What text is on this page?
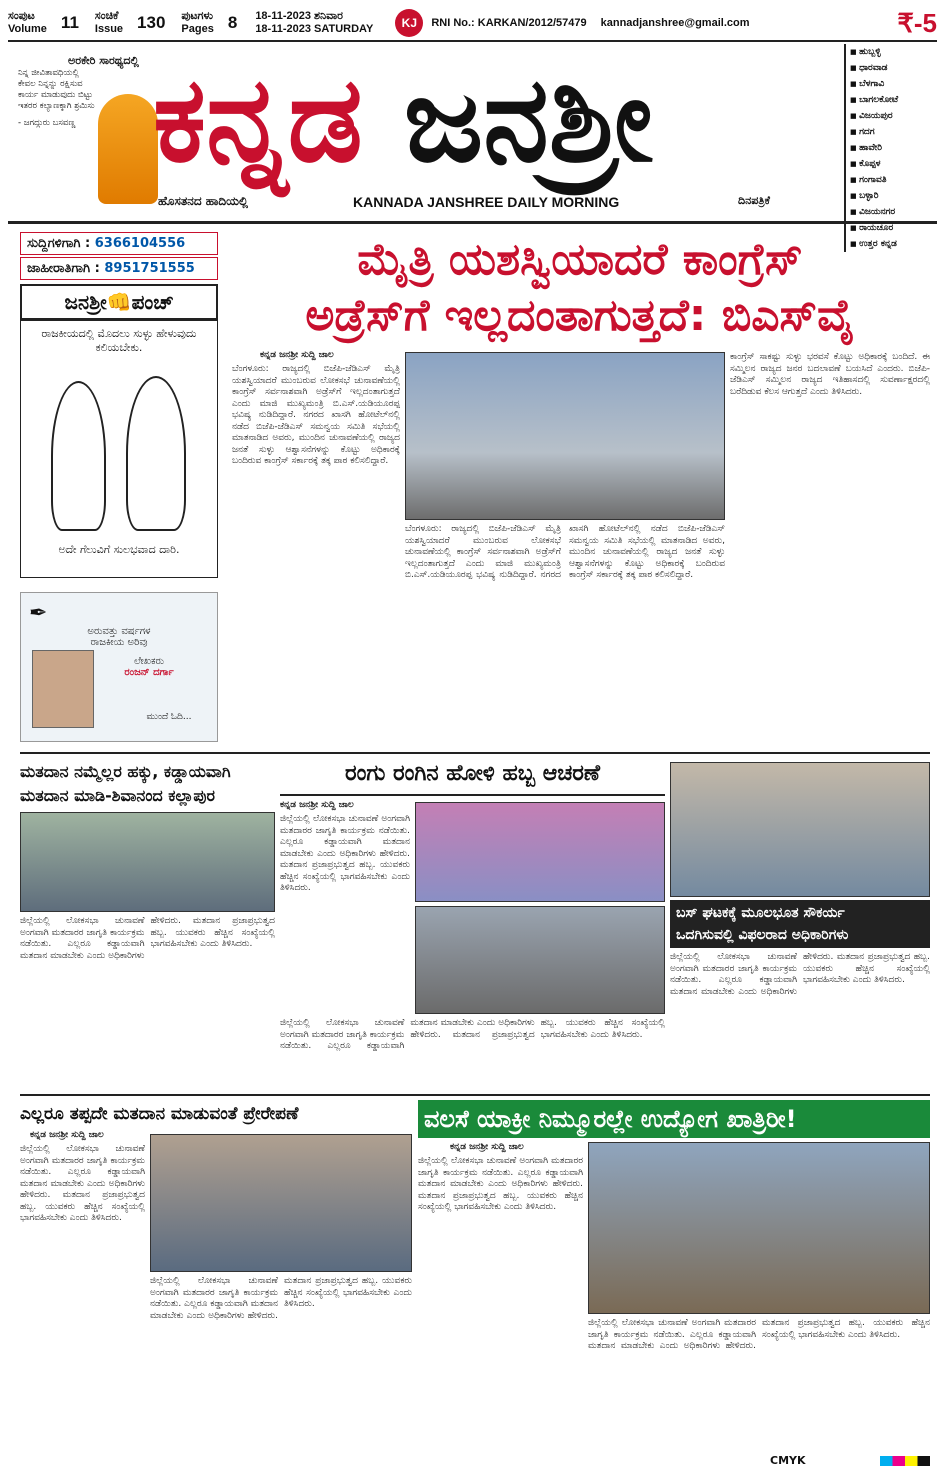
ಸಂಪುಟ
Volume 11 ಸಂಚಿಕೆ
Issue 130 ಪುಟಗಳು
Pages 8 18-11-2023 ಶನಿವಾರ
18-11-2023 SATURDAY	KJ	RNI No.: KARKAN/2012/57479 kannadjanshree@gmail.com	₹-5
ಅರಕೇರಿ ಸಾರಥ್ಯದಲ್ಲಿ
ನಿನ್ನ ಜೀವಿತಾವಧಿಯಲ್ಲಿ ಕೇವಲ ನಿನ್ನನ್ನು ರಕ್ಷಿಸುವ ಕಾರ್ಯ ಮಾಡುವುದು ಬಿಟ್ಟು ಇತರರ ಕಲ್ಯಾಣಕ್ಕಾಗಿ ಶ್ರಮಿಸು
- ಜಗದ್ಗುರು ಬಸವಣ್ಣ ಕನ್ನಡ ಜನಶ್ರೀ
ಹೊಸತನದ ಹಾದಿಯಲ್ಲಿ	KANNADA JANSHREE DAILY MORNING	ದಿನಪತ್ರಿಕೆ
■ ಹುಬ್ಬಳ್ಳಿ
■ ಧಾರವಾಡ
■ ಬೆಳಗಾವಿ
■ ಬಾಗಲಕೋಟೆ
■ ವಿಜಯಪುರ
■ ಗದಗ
■ ಹಾವೇರಿ
■ ಕೊಪ್ಪಳ
■ ಗಂಗಾವತಿ
■ ಬಳ್ಳಾರಿ
■ ವಿಜಯನಗರ
■ ರಾಯಚೂರ
■ ಉತ್ತರ ಕನ್ನಡ
ಸುದ್ದಿಗಳಿಗಾಗಿ : 6366104556
ಜಾಹೀರಾತಿಗಾಗಿ : 8951751555
ಜನಶ್ರೀ👊ಪಂಚ್
ರಾಜಕೀಯದಲ್ಲಿ ಮೊದಲು ಸುಳ್ಳು ಹೇಳುವುದು ಕಲಿಯಬೇಕು.
ಅದೇ ಗೆಲುವಿಗೆ ಸುಲಭವಾದ ದಾರಿ.
✒
ಅರುವತ್ತು ವರ್ಷಗಳ
ರಾಜಕೀಯ ಅರಿವು
ಲೇಖಕರು
ರಂಜನ್ ದರ್ಗಾ
ಮುಂದೆ ಓದಿ...
ಮೈತ್ರಿ ಯಶಸ್ವಿಯಾದರೆ ಕಾಂಗ್ರೆಸ್
ಅಡ್ರೆಸ್‌ಗೆ ಇಲ್ಲದಂತಾಗುತ್ತದೆ: ಬಿಎಸ್‌ವೈ
ಕನ್ನಡ ಜನಶ್ರೀ ಸುದ್ದಿ ಜಾಲ
ಬೆಂಗಳೂರು: ರಾಜ್ಯದಲ್ಲಿ ಬಿಜೆಪಿ-ಜೆಡಿಎಸ್ ಮೈತ್ರಿ ಯಶಸ್ವಿಯಾದರೆ ಮುಂಬರುವ ಲೋಕಸಭೆ ಚುನಾವಣೆಯಲ್ಲಿ ಕಾಂಗ್ರೆಸ್ ಸರ್ವನಾಶವಾಗಿ ಅಡ್ರೆಸ್‌ಗೆ ಇಲ್ಲದಂತಾಗುತ್ತದೆ ಎಂದು ಮಾಜಿ ಮುಖ್ಯಮಂತ್ರಿ ಬಿ.ಎಸ್.ಯಡಿಯೂರಪ್ಪ ಭವಿಷ್ಯ ನುಡಿದಿದ್ದಾರೆ. ನಗರದ ಖಾಸಗಿ ಹೋಟೆಲ್‌ನಲ್ಲಿ ನಡೆದ ಬಿಜೆಪಿ-ಜೆಡಿಎಸ್ ಸಮನ್ವಯ ಸಮಿತಿ ಸಭೆಯಲ್ಲಿ ಮಾತನಾಡಿದ ಅವರು, ಮುಂದಿನ ಚುನಾವಣೆಯಲ್ಲಿ ರಾಜ್ಯದ ಜನತೆ ಸುಳ್ಳು ಆಶ್ವಾಸನೆಗಳನ್ನು ಕೊಟ್ಟು ಅಧಿಕಾರಕ್ಕೆ ಬಂದಿರುವ ಕಾಂಗ್ರೆಸ್ ಸರ್ಕಾರಕ್ಕೆ ತಕ್ಕ ಪಾಠ ಕಲಿಸಲಿದ್ದಾರೆ.
ಬೆಂಗಳೂರು: ರಾಜ್ಯದಲ್ಲಿ ಬಿಜೆಪಿ-ಜೆಡಿಎಸ್ ಮೈತ್ರಿ ಯಶಸ್ವಿಯಾದರೆ ಮುಂಬರುವ ಲೋಕಸಭೆ ಚುನಾವಣೆಯಲ್ಲಿ ಕಾಂಗ್ರೆಸ್ ಸರ್ವನಾಶವಾಗಿ ಅಡ್ರೆಸ್‌ಗೆ ಇಲ್ಲದಂತಾಗುತ್ತದೆ ಎಂದು ಮಾಜಿ ಮುಖ್ಯಮಂತ್ರಿ ಬಿ.ಎಸ್.ಯಡಿಯೂರಪ್ಪ ಭವಿಷ್ಯ ನುಡಿದಿದ್ದಾರೆ. ನಗರದ ಖಾಸಗಿ ಹೋಟೆಲ್‌ನಲ್ಲಿ ನಡೆದ ಬಿಜೆಪಿ-ಜೆಡಿಎಸ್ ಸಮನ್ವಯ ಸಮಿತಿ ಸಭೆಯಲ್ಲಿ ಮಾತನಾಡಿದ ಅವರು, ಮುಂದಿನ ಚುನಾವಣೆಯಲ್ಲಿ ರಾಜ್ಯದ ಜನತೆ ಸುಳ್ಳು ಆಶ್ವಾಸನೆಗಳನ್ನು ಕೊಟ್ಟು ಅಧಿಕಾರಕ್ಕೆ ಬಂದಿರುವ ಕಾಂಗ್ರೆಸ್ ಸರ್ಕಾರಕ್ಕೆ ತಕ್ಕ ಪಾಠ ಕಲಿಸಲಿದ್ದಾರೆ.
ಕಾಂಗ್ರೆಸ್ ಸಾಕಷ್ಟು ಸುಳ್ಳು ಭರವಸೆ ಕೊಟ್ಟು ಅಧಿಕಾರಕ್ಕೆ ಬಂದಿದೆ. ಈ ಸಮ್ಮಿಲನ ರಾಜ್ಯದ ಜನರ ಬದಲಾವಣೆ ಬಯಸಿದೆ ಎಂದರು. ಬಿಜೆಪಿ-ಜೆಡಿಎಸ್ ಸಮ್ಮಿಲನ ರಾಜ್ಯದ ಇತಿಹಾಸದಲ್ಲಿ ಸುವರ್ಣಾಕ್ಷರದಲ್ಲಿ ಬರೆದಿಡುವ ಕೆಲಸ ಆಗುತ್ತದೆ ಎಂದು ತಿಳಿಸಿದರು.
ಮತದಾನ ನಮ್ಮೆಲ್ಲರ ಹಕ್ಕು, ಕಡ್ಡಾಯವಾಗಿ
ಮತದಾನ ಮಾಡಿ-ಶಿವಾನಂದ ಕಲ್ಲಾಪುರ
ಜಿಲ್ಲೆಯಲ್ಲಿ ಲೋಕಸಭಾ ಚುನಾವಣೆ ಅಂಗವಾಗಿ ಮತದಾರರ ಜಾಗೃತಿ ಕಾರ್ಯಕ್ರಮ ನಡೆಯಿತು. ಎಲ್ಲರೂ ಕಡ್ಡಾಯವಾಗಿ ಮತದಾನ ಮಾಡಬೇಕು ಎಂದು ಅಧಿಕಾರಿಗಳು ಹೇಳಿದರು. ಮತದಾನ ಪ್ರಜಾಪ್ರಭುತ್ವದ ಹಬ್ಬ. ಯುವಕರು ಹೆಚ್ಚಿನ ಸಂಖ್ಯೆಯಲ್ಲಿ ಭಾಗವಹಿಸಬೇಕು ಎಂದು ತಿಳಿಸಿದರು.
ರಂಗು ರಂಗಿನ ಹೋಳಿ ಹಬ್ಬ ಆಚರಣೆ
ಕನ್ನಡ ಜನಶ್ರೀ ಸುದ್ದಿ ಜಾಲ
ಜಿಲ್ಲೆಯಲ್ಲಿ ಲೋಕಸಭಾ ಚುನಾವಣೆ ಅಂಗವಾಗಿ ಮತದಾರರ ಜಾಗೃತಿ ಕಾರ್ಯಕ್ರಮ ನಡೆಯಿತು. ಎಲ್ಲರೂ ಕಡ್ಡಾಯವಾಗಿ ಮತದಾನ ಮಾಡಬೇಕು ಎಂದು ಅಧಿಕಾರಿಗಳು ಹೇಳಿದರು. ಮತದಾನ ಪ್ರಜಾಪ್ರಭುತ್ವದ ಹಬ್ಬ. ಯುವಕರು ಹೆಚ್ಚಿನ ಸಂಖ್ಯೆಯಲ್ಲಿ ಭಾಗವಹಿಸಬೇಕು ಎಂದು ತಿಳಿಸಿದರು.
ಜಿಲ್ಲೆಯಲ್ಲಿ ಲೋಕಸಭಾ ಚುನಾವಣೆ ಅಂಗವಾಗಿ ಮತದಾರರ ಜಾಗೃತಿ ಕಾರ್ಯಕ್ರಮ ನಡೆಯಿತು. ಎಲ್ಲರೂ ಕಡ್ಡಾಯವಾಗಿ ಮತದಾನ ಮಾಡಬೇಕು ಎಂದು ಅಧಿಕಾರಿಗಳು ಹೇಳಿದರು. ಮತದಾನ ಪ್ರಜಾಪ್ರಭುತ್ವದ ಹಬ್ಬ. ಯುವಕರು ಹೆಚ್ಚಿನ ಸಂಖ್ಯೆಯಲ್ಲಿ ಭಾಗವಹಿಸಬೇಕು ಎಂದು ತಿಳಿಸಿದರು.
ಬಸ್ ಘಟಕಕ್ಕೆ ಮೂಲಭೂತ ಸೌಕರ್ಯ
ಒದಗಿಸುವಲ್ಲಿ ವಿಫಲರಾದ ಅಧಿಕಾರಿಗಳು
ಜಿಲ್ಲೆಯಲ್ಲಿ ಲೋಕಸಭಾ ಚುನಾವಣೆ ಅಂಗವಾಗಿ ಮತದಾರರ ಜಾಗೃತಿ ಕಾರ್ಯಕ್ರಮ ನಡೆಯಿತು. ಎಲ್ಲರೂ ಕಡ್ಡಾಯವಾಗಿ ಮತದಾನ ಮಾಡಬೇಕು ಎಂದು ಅಧಿಕಾರಿಗಳು ಹೇಳಿದರು. ಮತದಾನ ಪ್ರಜಾಪ್ರಭುತ್ವದ ಹಬ್ಬ. ಯುವಕರು ಹೆಚ್ಚಿನ ಸಂಖ್ಯೆಯಲ್ಲಿ ಭಾಗವಹಿಸಬೇಕು ಎಂದು ತಿಳಿಸಿದರು.
ಎಲ್ಲರೂ ತಪ್ಪದೇ ಮತದಾನ ಮಾಡುವಂತೆ ಪ್ರೇರೇಪಣೆ
ಕನ್ನಡ ಜನಶ್ರೀ ಸುದ್ದಿ ಜಾಲ
ಜಿಲ್ಲೆಯಲ್ಲಿ ಲೋಕಸಭಾ ಚುನಾವಣೆ ಅಂಗವಾಗಿ ಮತದಾರರ ಜಾಗೃತಿ ಕಾರ್ಯಕ್ರಮ ನಡೆಯಿತು. ಎಲ್ಲರೂ ಕಡ್ಡಾಯವಾಗಿ ಮತದಾನ ಮಾಡಬೇಕು ಎಂದು ಅಧಿಕಾರಿಗಳು ಹೇಳಿದರು. ಮತದಾನ ಪ್ರಜಾಪ್ರಭುತ್ವದ ಹಬ್ಬ. ಯುವಕರು ಹೆಚ್ಚಿನ ಸಂಖ್ಯೆಯಲ್ಲಿ ಭಾಗವಹಿಸಬೇಕು ಎಂದು ತಿಳಿಸಿದರು.
ಜಿಲ್ಲೆಯಲ್ಲಿ ಲೋಕಸಭಾ ಚುನಾವಣೆ ಅಂಗವಾಗಿ ಮತದಾರರ ಜಾಗೃತಿ ಕಾರ್ಯಕ್ರಮ ನಡೆಯಿತು. ಎಲ್ಲರೂ ಕಡ್ಡಾಯವಾಗಿ ಮತದಾನ ಮಾಡಬೇಕು ಎಂದು ಅಧಿಕಾರಿಗಳು ಹೇಳಿದರು. ಮತದಾನ ಪ್ರಜಾಪ್ರಭುತ್ವದ ಹಬ್ಬ. ಯುವಕರು ಹೆಚ್ಚಿನ ಸಂಖ್ಯೆಯಲ್ಲಿ ಭಾಗವಹಿಸಬೇಕು ಎಂದು ತಿಳಿಸಿದರು.
ವಲಸೆ ಯಾಕ್ರೀ ನಿಮ್ಮೂರಲ್ಲೇ ಉದ್ಯೋಗ ಖಾತ್ರಿರೀ!
ಕನ್ನಡ ಜನಶ್ರೀ ಸುದ್ದಿ ಜಾಲ
ಜಿಲ್ಲೆಯಲ್ಲಿ ಲೋಕಸಭಾ ಚುನಾವಣೆ ಅಂಗವಾಗಿ ಮತದಾರರ ಜಾಗೃತಿ ಕಾರ್ಯಕ್ರಮ ನಡೆಯಿತು. ಎಲ್ಲರೂ ಕಡ್ಡಾಯವಾಗಿ ಮತದಾನ ಮಾಡಬೇಕು ಎಂದು ಅಧಿಕಾರಿಗಳು ಹೇಳಿದರು. ಮತದಾನ ಪ್ರಜಾಪ್ರಭುತ್ವದ ಹಬ್ಬ. ಯುವಕರು ಹೆಚ್ಚಿನ ಸಂಖ್ಯೆಯಲ್ಲಿ ಭಾಗವಹಿಸಬೇಕು ಎಂದು ತಿಳಿಸಿದರು.
ಜಿಲ್ಲೆಯಲ್ಲಿ ಲೋಕಸಭಾ ಚುನಾವಣೆ ಅಂಗವಾಗಿ ಮತದಾರರ ಜಾಗೃತಿ ಕಾರ್ಯಕ್ರಮ ನಡೆಯಿತು. ಎಲ್ಲರೂ ಕಡ್ಡಾಯವಾಗಿ ಮತದಾನ ಮಾಡಬೇಕು ಎಂದು ಅಧಿಕಾರಿಗಳು ಹೇಳಿದರು. ಮತದಾನ ಪ್ರಜಾಪ್ರಭುತ್ವದ ಹಬ್ಬ. ಯುವಕರು ಹೆಚ್ಚಿನ ಸಂಖ್ಯೆಯಲ್ಲಿ ಭಾಗವಹಿಸಬೇಕು ಎಂದು ತಿಳಿಸಿದರು.
CMYK
